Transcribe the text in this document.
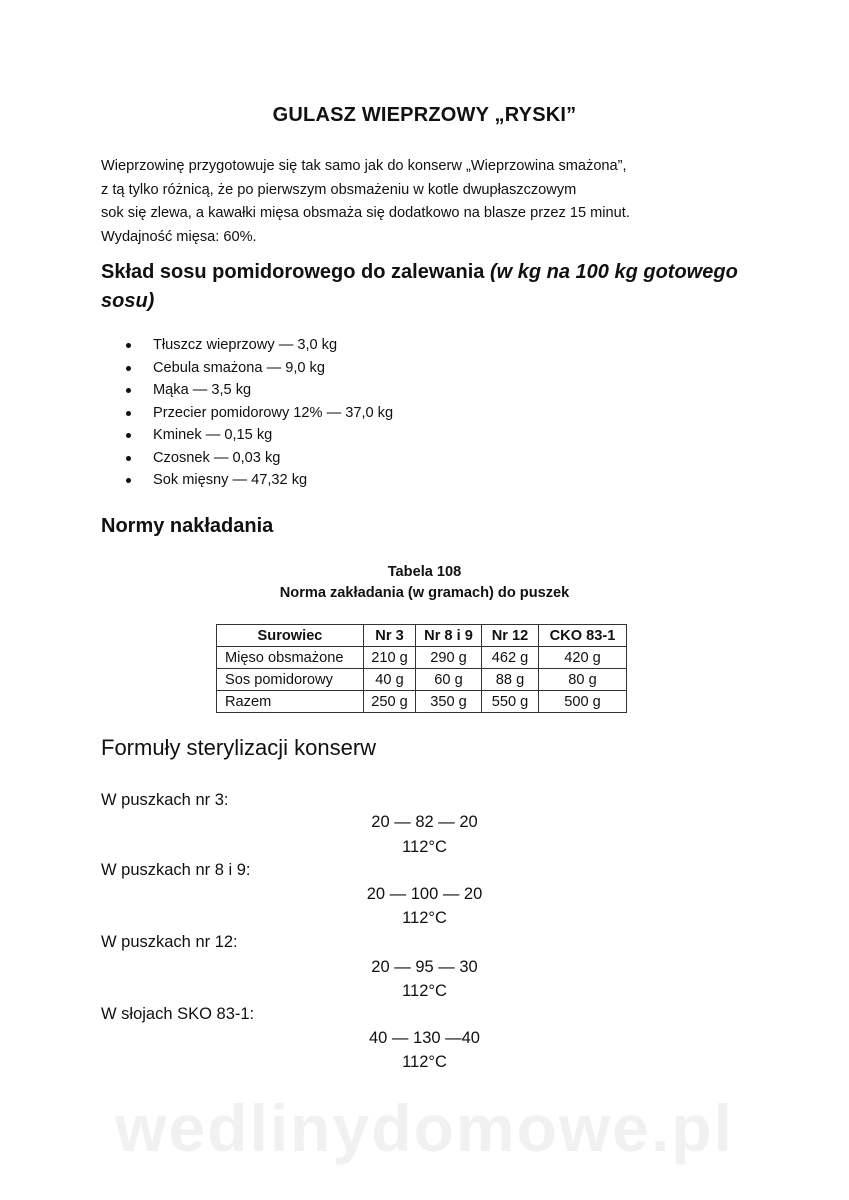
GULASZ WIEPRZOWY „RYSKI”
Wieprzowinę przygotowuje się tak samo jak do konserw „Wieprzowina smażona”,
z tą tylko różnicą, że po pierwszym obsmażeniu w kotle dwupłaszczowym
sok się zlewa, a kawałki mięsa obsmaża się dodatkowo na blasze przez 15 minut.
Wydajność mięsa: 60%.
Skład sosu pomidorowego do zalewania (w kg na 100 kg gotowego sosu)
Tłuszcz wieprzowy — 3,0 kg
Cebula smażona — 9,0 kg
Mąka — 3,5 kg
Przecier pomidorowy 12% — 37,0 kg
Kminek — 0,15 kg
Czosnek — 0,03 kg
Sok mięsny — 47,32 kg
Normy nakładania
Tabela 108
Norma zakładania (w gramach) do puszek
Surowiec	Nr 3	Nr 8 i 9	Nr 12	CKO 83-1
Mięso obsmażone	210 g	290 g	462 g	420 g
Sos pomidorowy	40 g	60 g	88 g	80 g
Razem	250 g	350 g	550 g	500 g
Formuły sterylizacji konserw
W puszkach nr 3:
20 — 82 — 20
112°C
W puszkach nr 8 i 9:
20 — 100 — 20
112°C
W puszkach nr 12:
20 — 95 — 30
112°C
W słojach SKO 83-1:
40 — 130 —40
112°C
wedlinydomowe.pl
